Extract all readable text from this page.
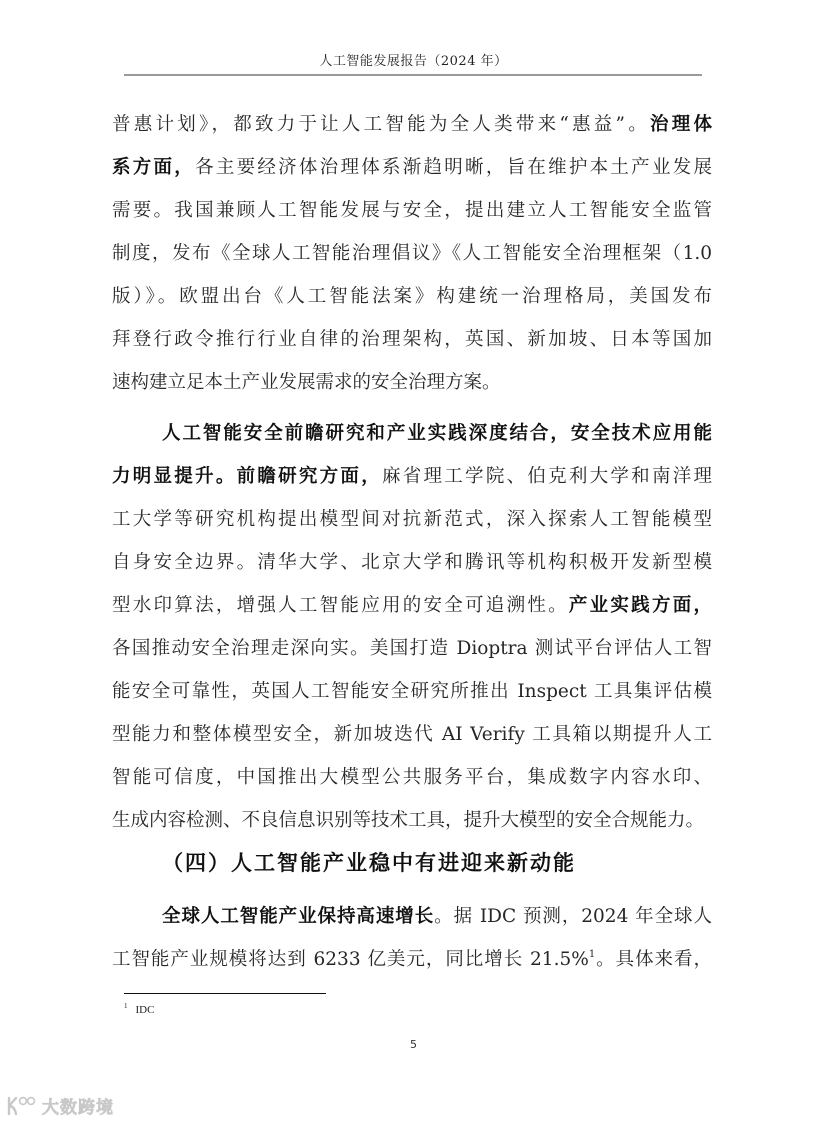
人工智能发展报告（2024 年）
普惠计划》，都致力于让人工智能为全人类带来“惠益”。治理体
系方面，各主要经济体治理体系渐趋明晰，旨在维护本土产业发展
需要。我国兼顾人工智能发展与安全，提出建立人工智能安全监管
制度，发布《全球人工智能治理倡议》《人工智能安全治理框架（1.0
版）》。欧盟出台《人工智能法案》构建统一治理格局，美国发布
拜登行政令推行行业自律的治理架构，英国、新加坡、日本等国加
速构建立足本土产业发展需求的安全治理方案。
人工智能安全前瞻研究和产业实践深度结合，安全技术应用能
力明显提升。前瞻研究方面，麻省理工学院、伯克利大学和南洋理
工大学等研究机构提出模型间对抗新范式，深入探索人工智能模型
自身安全边界。清华大学、北京大学和腾讯等机构积极开发新型模
型水印算法，增强人工智能应用的安全可追溯性。产业实践方面，
各国推动安全治理走深向实。美国打造 Dioptra 测试平台评估人工智
能安全可靠性，英国人工智能安全研究所推出 Inspect 工具集评估模
型能力和整体模型安全，新加坡迭代 AI Verify 工具箱以期提升人工
智能可信度，中国推出大模型公共服务平台，集成数字内容水印、
生成内容检测、不良信息识别等技术工具，提升大模型的安全合规能力。
全球人工智能产业保持高速增长。据 IDC 预测，2024 年全球人
工智能产业规模将达到 6233 亿美元，同比增长 21.5%$^1$。具体来看，
（四）人工智能产业稳中有进迎来新动能
$^1$ IDC
5
大数跨境
